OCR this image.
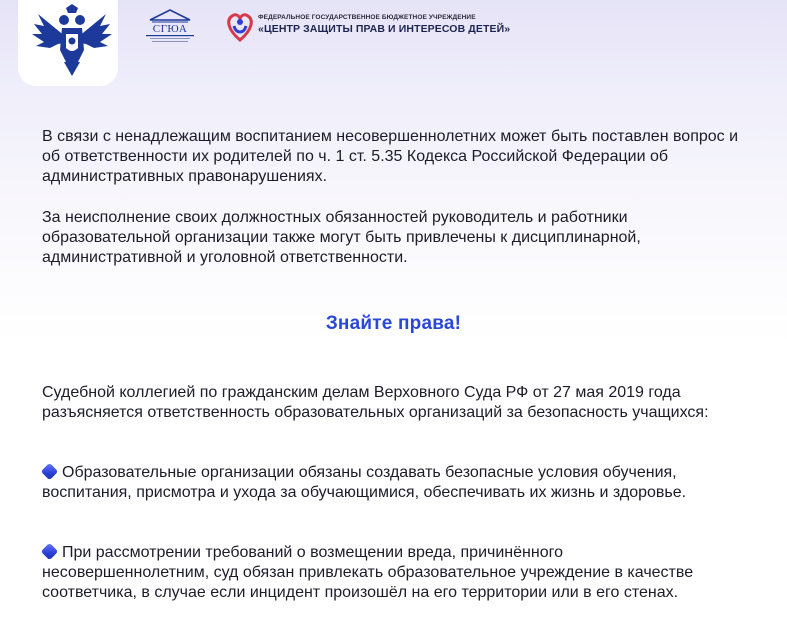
СГЮА
ФЕДЕРАЛЬНОЕ ГОСУДАРСТВЕННОЕ БЮДЖЕТНОЕ УЧРЕЖДЕНИЕ
«ЦЕНТР ЗАЩИТЫ ПРАВ И ИНТЕРЕСОВ ДЕТЕЙ»

В связи с ненадлежащим воспитанием несовершеннолетних может быть поставлен вопрос и об ответственности их родителей по ч. 1 ст. 5.35 Кодекса Российской Федерации об административных правонарушениях.

За неисполнение своих должностных обязанностей руководитель и работники образовательной организации также могут быть привлечены к дисциплинарной, административной и уголовной ответственности.

Знайте права!

Судебной коллегией по гражданским делам Верховного Суда РФ от 27 мая 2019 года разъясняется ответственность образовательных организаций за безопасность учащихся:

Образовательные организации обязаны создавать безопасные условия обучения, воспитания, присмотра и ухода за обучающимися, обеспечивать их жизнь и здоровье.
При рассмотрении требований о возмещении вреда, причинённого несовершеннолетним, суд обязан привлекать образовательное учреждение в качестве соответчика, в случае если инцидент произошёл на его территории или в его стенах.
